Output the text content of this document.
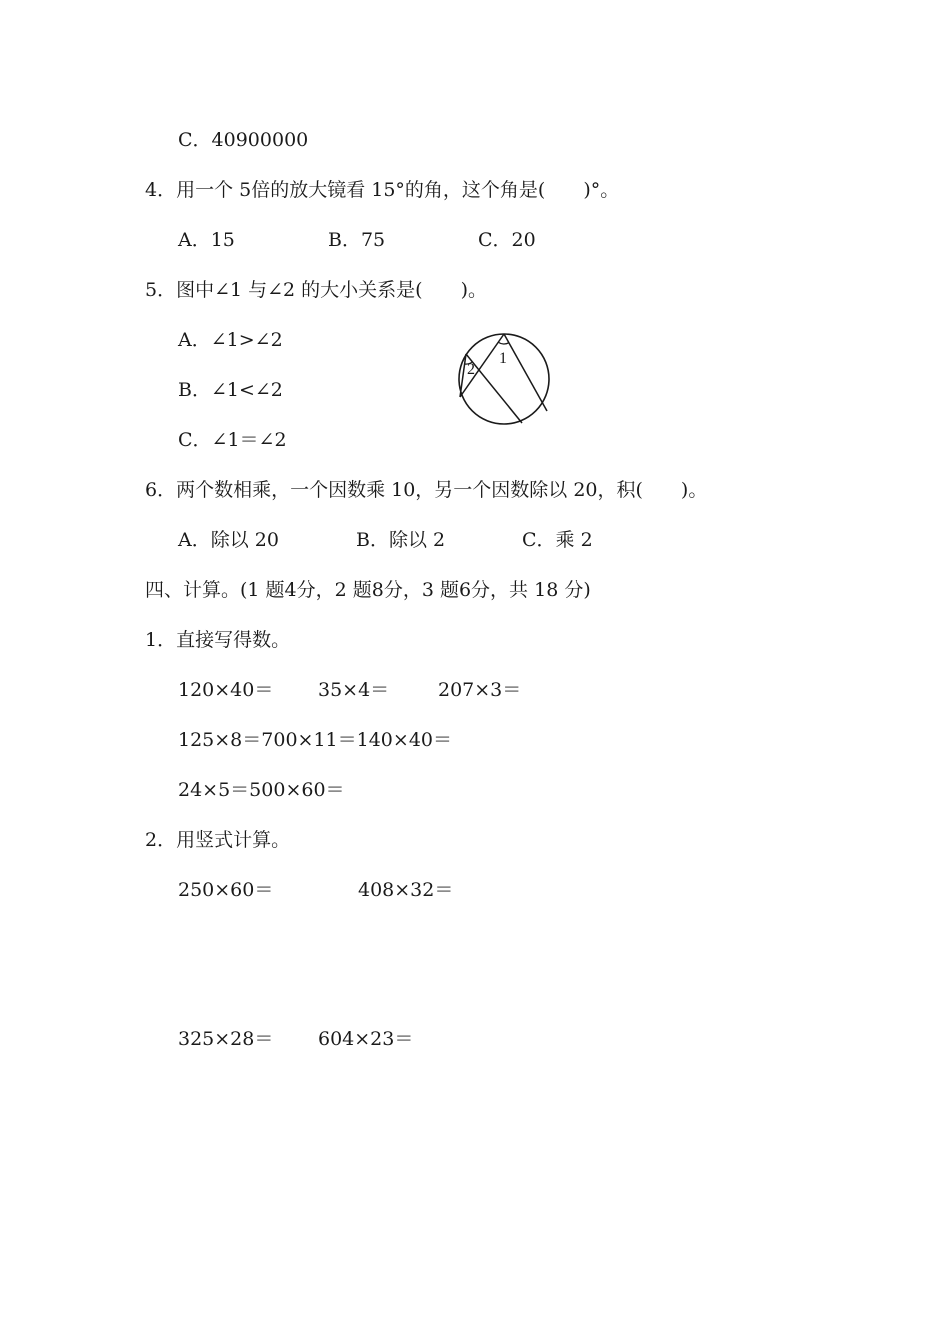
C．40900000
4．用一个 5倍的放大镜看 15°的角，这个角是(　　)°。
A．15	B．75	C．20
5．图中∠1 与∠2 的大小关系是(　　)。
A．∠1>∠2
B．∠1<∠2
C．∠1＝∠2
1
2
6．两个数相乘，一个因数乘 10，另一个因数除以 20，积(　　)。
A．除以 20	B．除以 2	C．乘 2
四、计算。(1 题4分，2 题8分，3 题6分，共 18 分)
1．直接写得数。
120×40＝ 35×4＝	207×3＝
125×8＝700×11＝140×40＝
24×5＝500×60＝
2．用竖式计算。
250×60＝	408×32＝
325×28＝ 604×23＝
